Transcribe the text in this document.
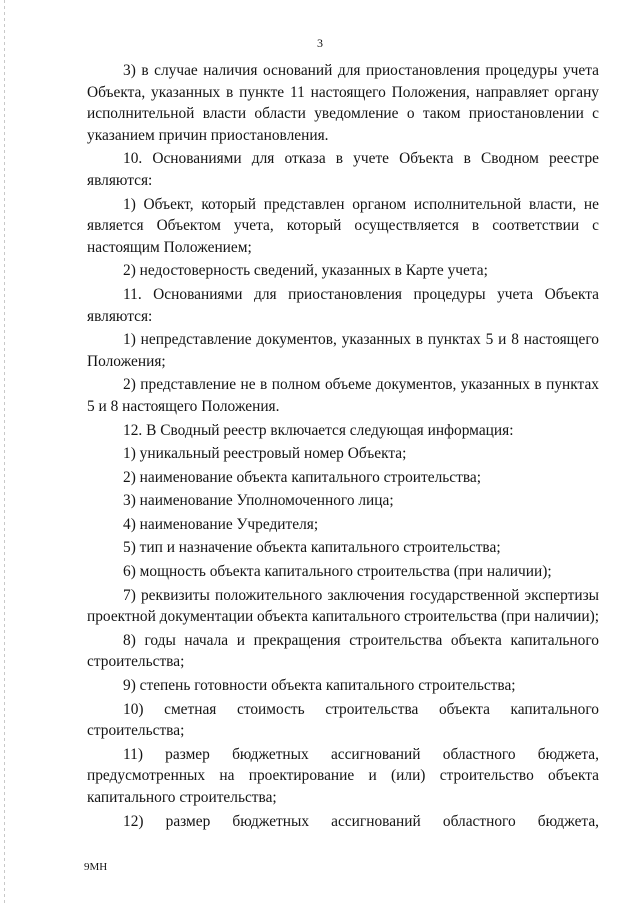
3

3) в случае наличия оснований для приостановления процедуры учета Объекта, указанных в пункте 11 настоящего Положения, направляет органу исполнительной власти области уведомление о таком приостановлении с указанием причин приостановления.

10. Основаниями для отказа в учете Объекта в Сводном реестре являются:

1) Объект, который представлен органом исполнительной власти, не является Объектом учета, который осуществляется в соответствии с настоящим Положением;

2) недостоверность сведений, указанных в Карте учета;

11. Основаниями для приостановления процедуры учета Объекта являются:

1) непредставление документов, указанных в пунктах 5 и 8 настоящего Положения;

2) представление не в полном объеме документов, указанных в пунктах 5 и 8 настоящего Положения.

12. В Сводный реестр включается следующая информация:

1) уникальный реестровый номер Объекта;

2) наименование объекта капитального строительства;

3) наименование Уполномоченного лица;

4) наименование Учредителя;

5) тип и назначение объекта капитального строительства;

6) мощность объекта капитального строительства (при наличии);

7) реквизиты положительного заключения государственной экспертизы проектной документации объекта капитального строительства (при наличии);

8) годы начала и прекращения строительства объекта капитального строительства;

9) степень готовности объекта капитального строительства;

10) сметная стоимость строительства объекта капитального строительства;

11) размер бюджетных ассигнований областного бюджета, предусмотренных на проектирование и (или) строительство объекта капитального строительства;

12) размер бюджетных ассигнований областного бюджета,

9МН
